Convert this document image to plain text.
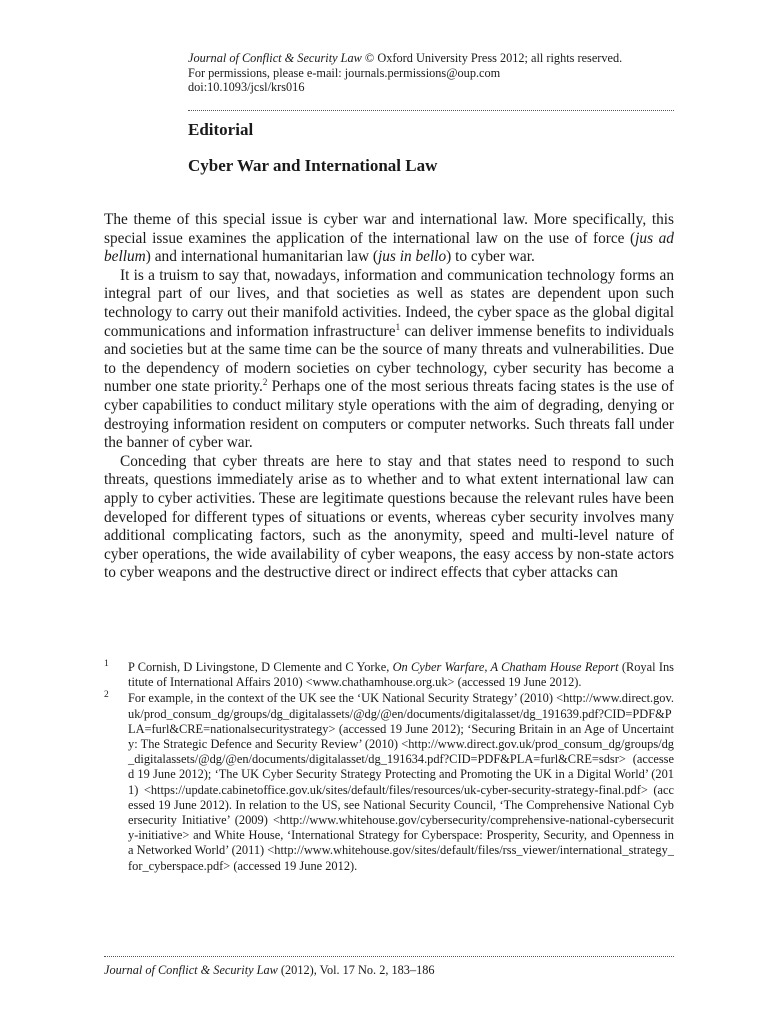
Journal of Conflict & Security Law © Oxford University Press 2012; all rights reserved.
For permissions, please e-mail: journals.permissions@oup.com
doi:10.1093/jcsl/krs016
Editorial
Cyber War and International Law

The theme of this special issue is cyber war and international law. More specifically, this special issue examines the application of the international law on the use of force (jus ad bellum) and international humanitarian law (jus in bello) to cyber war.

It is a truism to say that, nowadays, information and communication technology forms an integral part of our lives, and that societies as well as states are dependent upon such technology to carry out their manifold activities. Indeed, the cyber space as the global digital communications and information infrastructure$^1$ can deliver immense benefits to individuals and societies but at the same time can be the source of many threats and vulnerabilities. Due to the dependency of modern societies on cyber technology, cyber security has become a number one state priority.$^2$ Perhaps one of the most serious threats facing states is the use of cyber capabilities to conduct military style operations with the aim of degrading, denying or destroying information resident on computers or computer networks. Such threats fall under the banner of cyber war.

Conceding that cyber threats are here to stay and that states need to respond to such threats, questions immediately arise as to whether and to what extent international law can apply to cyber activities. These are legitimate questions because the relevant rules have been developed for different types of situations or events, whereas cyber security involves many additional complicating factors, such as the anonymity, speed and multi-level nature of cyber operations, the wide availability of cyber weapons, the easy access by non-state actors to cyber weapons and the destructive direct or indirect effects that cyber attacks can

1 P Cornish, D Livingstone, D Clemente and C Yorke, On Cyber Warfare, A Chatham House Report (Royal Institute of International Affairs 2010) <www.chathamhouse.org.uk> (accessed 19 June 2012).
2 For example, in the context of the UK see the ‘UK National Security Strategy’ (2010) <http://www.direct.gov.uk/prod_consum_dg/groups/dg_digitalassets/@dg/@en/documents/digitalasset/dg_191639.pdf?CID=PDF&PLA=furl&CRE=nationalsecuritystrategy> (accessed 19 June 2012); ‘Securing Britain in an Age of Uncertainty: The Strategic Defence and Security Review’ (2010) <http://www.direct.gov.uk/prod_consum_dg/groups/dg_digitalassets/@dg/@en/documents/digitalasset/dg_191634.pdf?CID=PDF&PLA=furl&CRE=sdsr> (accessed 19 June 2012); ‘The UK Cyber Security Strategy Protecting and Promoting the UK in a Digital World’ (2011) <https://update.cabinetoffice.gov.uk/sites/default/files/resources/uk-cyber-security-strategy-final.pdf> (accessed 19 June 2012). In relation to the US, see National Security Council, ‘The Comprehensive National Cybersecurity Initiative’ (2009) <http://www.whitehouse.gov/cybersecurity/comprehensive-national-cybersecurity-initiative> and White House, ‘International Strategy for Cyberspace: Prosperity, Security, and Openness in a Networked World’ (2011) <http://www.whitehouse.gov/sites/default/files/rss_viewer/international_strategy_for_cyberspace.pdf> (accessed 19 June 2012).
Journal of Conflict & Security Law (2012), Vol. 17 No. 2, 183–186
